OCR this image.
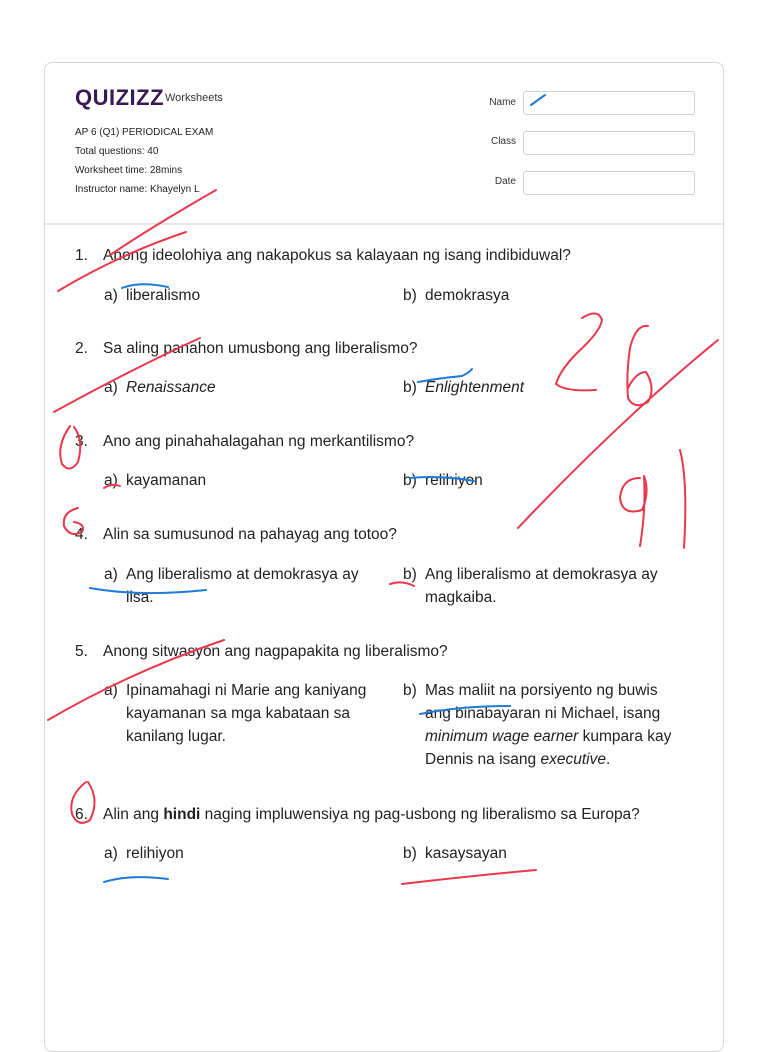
QUIZIZZ Worksheets
AP 6 (Q1) PERIODICAL EXAM
Total questions: 40
Worksheet time: 28mins
Instructor name: Khayelyn L
Name
Class
Date
1. Anong ideolohiya ang nakapokus sa kalayaan ng isang indibiduwal?
a) liberalismo	b) demokrasya
2. Sa aling panahon umusbong ang liberalismo?
a) Renaissance	b) Enlightenment
3. Ano ang pinahahalagahan ng merkantilismo?
a) kayamanan	b) relihiyon
4. Alin sa sumusunod na pahayag ang totoo?
a) Ang liberalismo at demokrasya ay
iisa.
b) Ang liberalismo at demokrasya ay
magkaiba.
5. Anong sitwasyon ang nagpapakita ng liberalismo?
a) Ipinamahagi ni Marie ang kaniyang
kayamanan sa mga kabataan sa
kanilang lugar.
b) Mas maliit na porsiyento ng buwis
ang binabayaran ni Michael, isang
minimum wage earner kumpara kay
Dennis na isang executive.
6. Alin ang hindi naging impluwensiya ng pag-usbong ng liberalismo sa Europa?
a) relihiyon	b) kasaysayan
